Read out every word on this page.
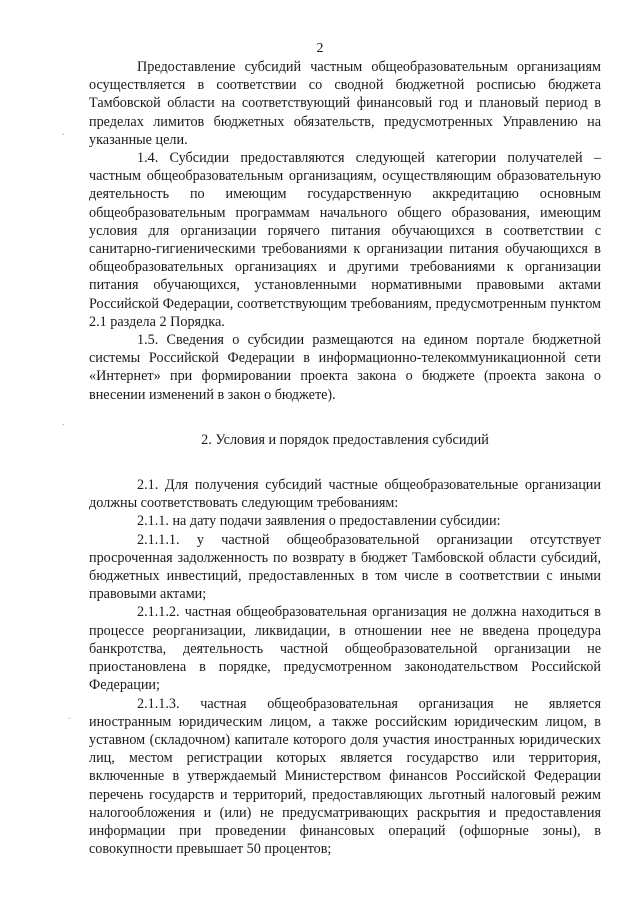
2

Предоставление субсидий частным общеобразовательным организациям осуществляется в соответствии со сводной бюджетной росписью бюджета Тамбовской области на соответствующий финансовый год и плановый период в пределах лимитов бюджетных обязательств, предусмотренных Управлению на указанные цели.

1.4. Субсидии предоставляются следующей категории получателей – частным общеобразовательным организациям, осуществляющим образовательную деятельность по имеющим государственную аккредитацию основным общеобразовательным программам начального общего образования, имеющим условия для организации горячего питания обучающихся в соответствии с санитарно-гигиеническими требованиями к организации питания обучающихся в общеобразовательных организациях и другими требованиями к организации питания обучающихся, установленными нормативными правовыми актами Российской Федерации, соответствующим требованиям, предусмотренным пунктом 2.1 раздела 2 Порядка.

1.5. Сведения о субсидии размещаются на едином портале бюджетной системы Российской Федерации в информационно-телекоммуникационной сети «Интернет» при формировании проекта закона о бюджете (проекта закона о внесении изменений в закон о бюджете).

2. Условия и порядок предоставления субсидий

2.1. Для получения субсидий частные общеобразовательные организации должны соответствовать следующим требованиям:

2.1.1. на дату подачи заявления о предоставлении субсидии:

2.1.1.1. у частной общеобразовательной организации отсутствует просроченная задолженность по возврату в бюджет Тамбовской области субсидий, бюджетных инвестиций, предоставленных в том числе в соответствии с иными правовыми актами;

2.1.1.2. частная общеобразовательная организация не должна находиться в процессе реорганизации, ликвидации, в отношении нее не введена процедура банкротства, деятельность частной общеобразовательной организации не приостановлена в порядке, предусмотренном законодательством Российской Федерации;

2.1.1.3. частная общеобразовательная организация не является иностранным юридическим лицом, а также российским юридическим лицом, в уставном (складочном) капитале которого доля участия иностранных юридических лиц, местом регистрации которых является государство или территория, включенные в утверждаемый Министерством финансов Российской Федерации перечень государств и территорий, предоставляющих льготный налоговый режим налогообложения и (или) не предусматривающих раскрытия и предоставления информации при проведении финансовых операций (офшорные зоны), в совокупности превышает 50 процентов;

.
.
.
